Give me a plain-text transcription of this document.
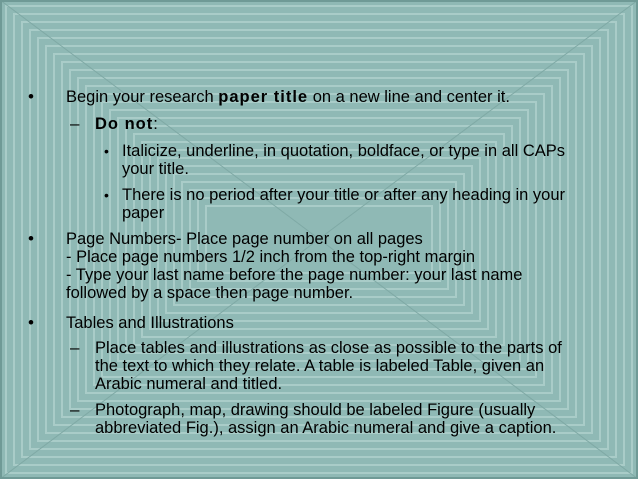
• Begin your research paper title on a new line and center it.
– Do not:
• Italicize, underline, in quotation, boldface, or type in all CAPs
your title.
• There is no period after your title or after any heading in your
paper
• Page Numbers- Place page number on all pages
- Place page numbers 1/2 inch from the top-right margin
- Type your last name before the page number: your last name
followed by a space then page number.
• Tables and Illustrations
– Place tables and illustrations as close as possible to the parts of
the text to which they relate. A table is labeled Table, given an
Arabic numeral and titled.
– Photograph, map, drawing should be labeled Figure (usually
abbreviated Fig.), assign an Arabic numeral and give a caption.
